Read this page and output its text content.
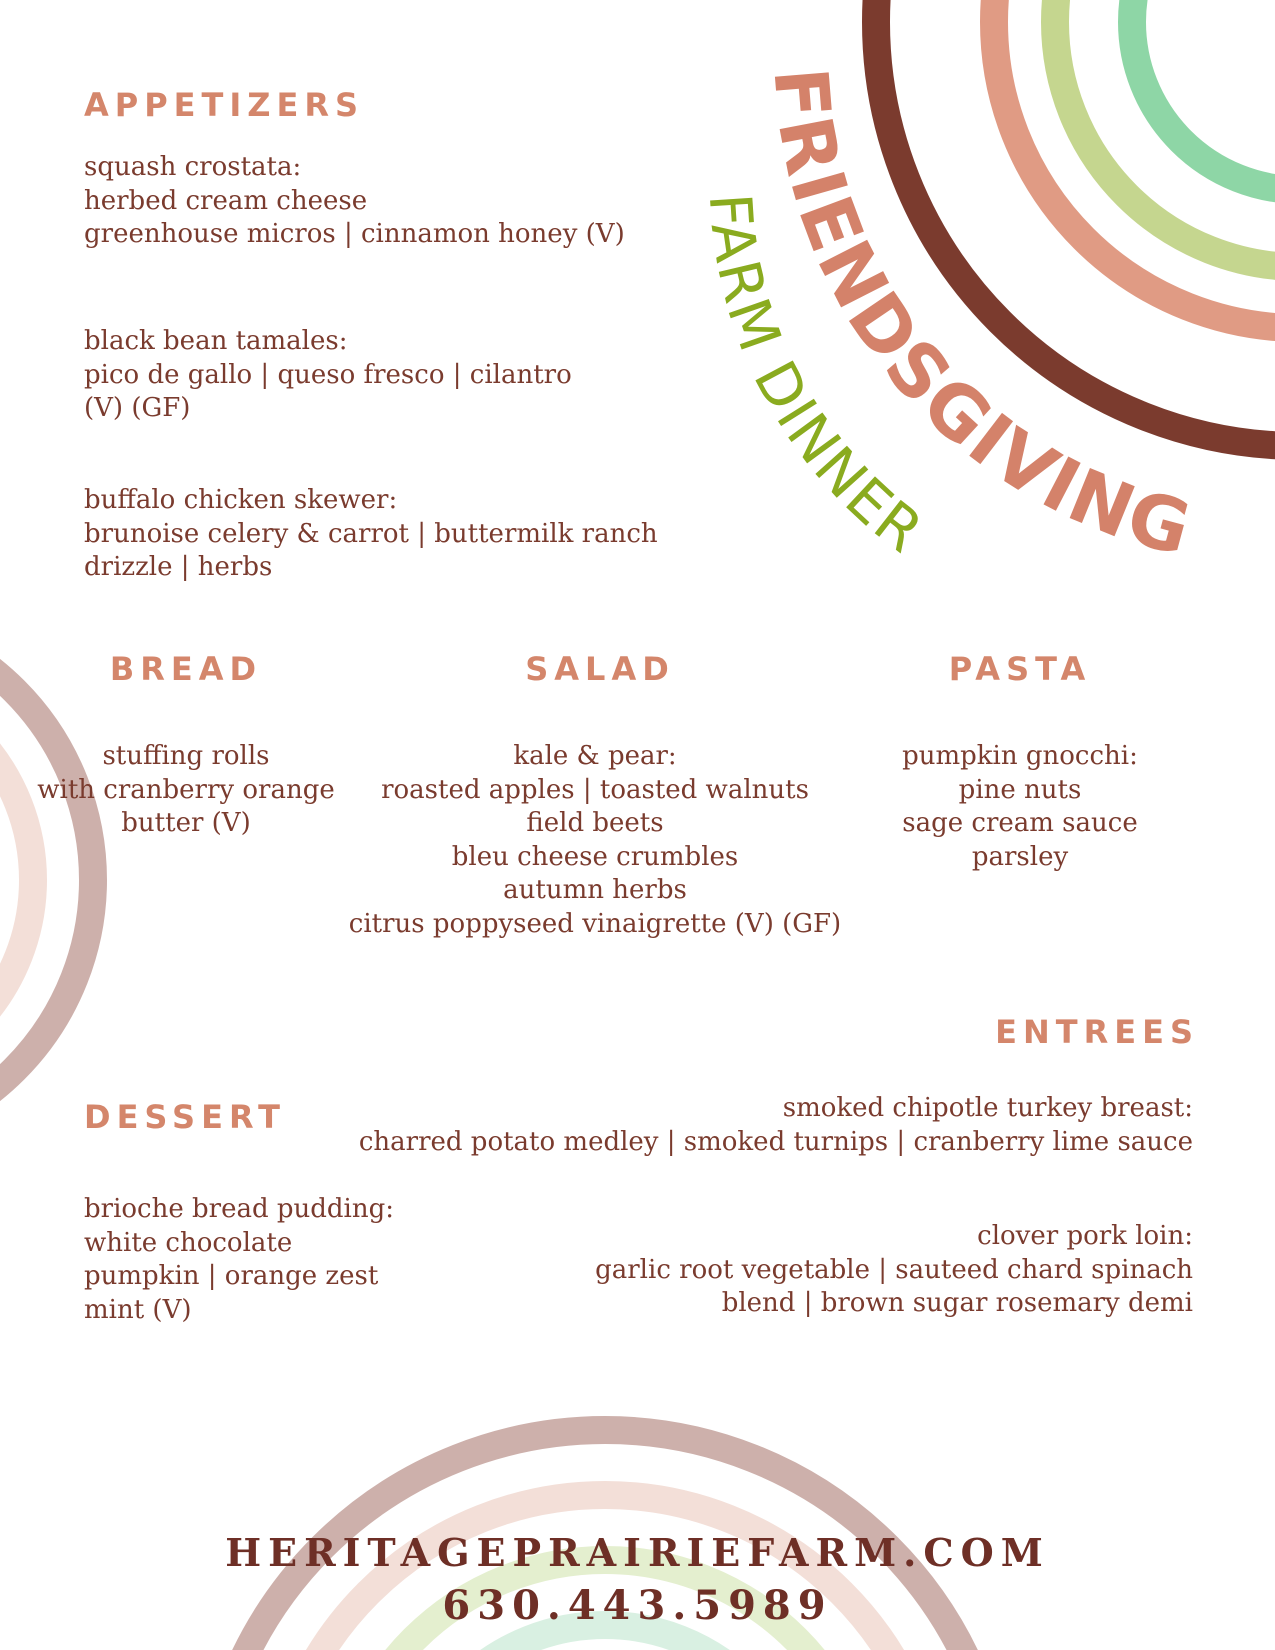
FRIENDSGIVING
FARM DINNER
APPETIZERS
squash crostata:
herbed cream cheese
greenhouse micros | cinnamon honey (V)
black bean tamales:
pico de gallo | queso fresco | cilantro
(V) (GF)
buffalo chicken skewer:
brunoise celery & carrot | buttermilk ranch
drizzle | herbs
BREAD
stuffing rolls
with cranberry orange
butter (V)
SALAD
kale & pear:
roasted apples | toasted walnuts
field beets
bleu cheese crumbles
autumn herbs
citrus poppyseed vinaigrette (V) (GF)
PASTA
pumpkin gnocchi:
pine nuts
sage cream sauce
parsley
ENTREES
smoked chipotle turkey breast:
charred potato medley | smoked turnips | cranberry lime sauce
clover pork loin:
garlic root vegetable | sauteed chard spinach
blend | brown sugar rosemary demi
DESSERT
brioche bread pudding:
white chocolate
pumpkin | orange zest
mint (V)
HERITAGEPRAIRIEFARM.COM
630.443.5989
